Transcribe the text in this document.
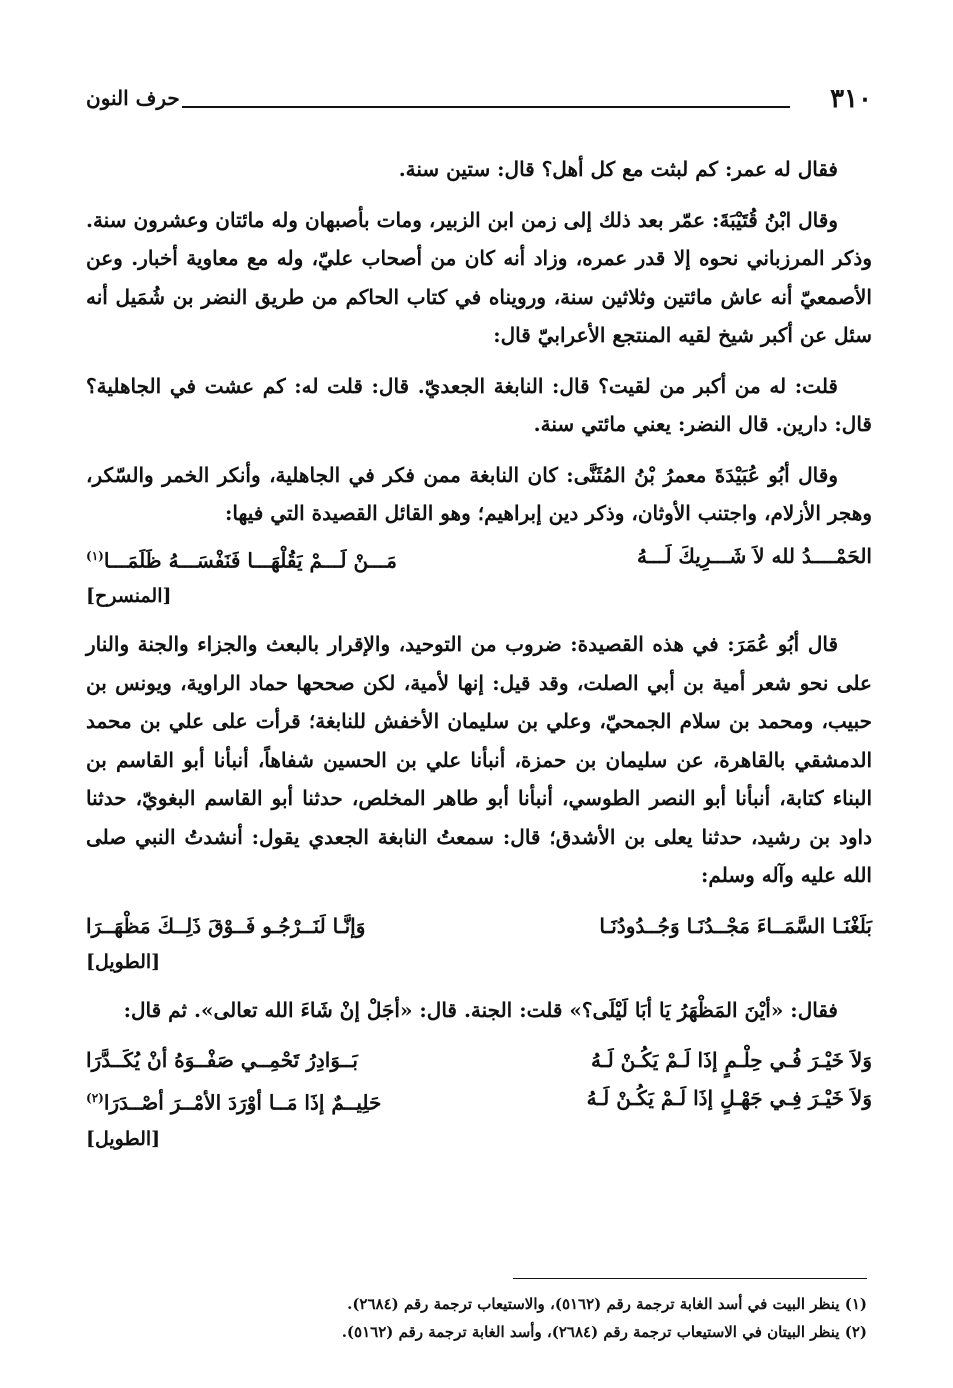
٣١٠
حرف النون

فقال له عمر: كم لبثت مع كل أهل؟ قال: ستين سنة.

وقال ابْنُ قُتَيْبَةَ: عمّر بعد ذلك إلى زمن ابن الزبير، ومات بأصبهان وله مائتان وعشرون سنة. وذكر المرزباني نحوه إلا قدر عمره، وزاد أنه كان من أصحاب عليّ، وله مع معاوية أخبار. وعن الأصمعيّ أنه عاش مائتين وثلاثين سنة، ورويناه في كتاب الحاكم من طريق النضر بن شُمَيل أنه سئل عن أكبر شيخ لقيه المنتجع الأعرابيّ قال:

قلت: له من أكبر من لقيت؟ قال: النابغة الجعديّ. قال: قلت له: كم عشت في الجاهلية؟ قال: دارين. قال النضر: يعني مائتي سنة.

وقال أبُو عُبَيْدَةَ معمرُ بْنُ المُثَنَّى: كان النابغة ممن فكر في الجاهلية، وأنكر الخمر والسّكر، وهجر الأزلام، واجتنب الأوثان، وذكر دين إبراهيم؛ وهو القائل القصيدة التي فيها:

الحَمْــــدُ لله لاَ شَـــرِيكَ لَـــهُ
مَـــنْ لَـــمْ يَقُلْهَـــا فَنَفْسَـــهُ ظَلَمَـــا$^{(١)}$
[المنسرح]

قال أبُو عُمَرَ: في هذه القصيدة: ضروب من التوحيد، والإقرار بالبعث والجزاء والجنة والنار على نحو شعر أمية بن أبي الصلت، وقد قيل: إنها لأمية، لكن صححها حماد الراوية، ويونس بن حبيب، ومحمد بن سلام الجمحيّ، وعلي بن سليمان الأخفش للنابغة؛ قرأت على علي بن محمد الدمشقي بالقاهرة، عن سليمان بن حمزة، أنبأنا علي بن الحسين شفاهاً، أنبأنا أبو القاسم بن البناء كتابة، أنبأنا أبو النصر الطوسي، أنبأنا أبو طاهر المخلص، حدثنا أبو القاسم البغويّ، حدثنا داود بن رشيد، حدثنا يعلى بن الأشدق؛ قال: سمعتُ النابغة الجعدي يقول: أنشدتُ النبي صلى الله عليه وآله وسلم:

بَلَغْنَـا السَّمَــاءَ مَجْــدُنَـا وَجُــدُودُنَـا
وَإنَّـا لَنَــرْجُـو فَــوْقَ ذَلِــكَ مَظْهَــرَا
[الطويل]

فقال: «أيْنَ المَظْهَرُ يَا أبَا لَيْلَى؟» قلت: الجنة. قال: «أجَلْ إنْ شَاءَ الله تعالى». ثم قال:

وَلاَ خَيْـرَ فُـي حِلْـمٍ إذَا لَـمْ يَكُـنْ لَـهُ
بَــوَادِرُ تَحْمِــي صَفْــوَهُ أنْ يُكَــدَّرَا
وَلاَ خَيْـرَ فِـي جَهْـلٍ إذَا لَـمْ يَكُـنْ لَـهُ
حَلِيــمٌ إذَا مَــا أوْرَدَ الأمْــرَ أصْــدَرَا$^{(٢)}$
[الطويل]
(١) ينظر البيت في أسد الغابة ترجمة رقم (٥١٦٢)، والاستيعاب ترجمة رقم (٢٦٨٤).
(٢) ينظر البيتان في الاستيعاب ترجمة رقم (٢٦٨٤)، وأسد الغابة ترجمة رقم (٥١٦٢).
